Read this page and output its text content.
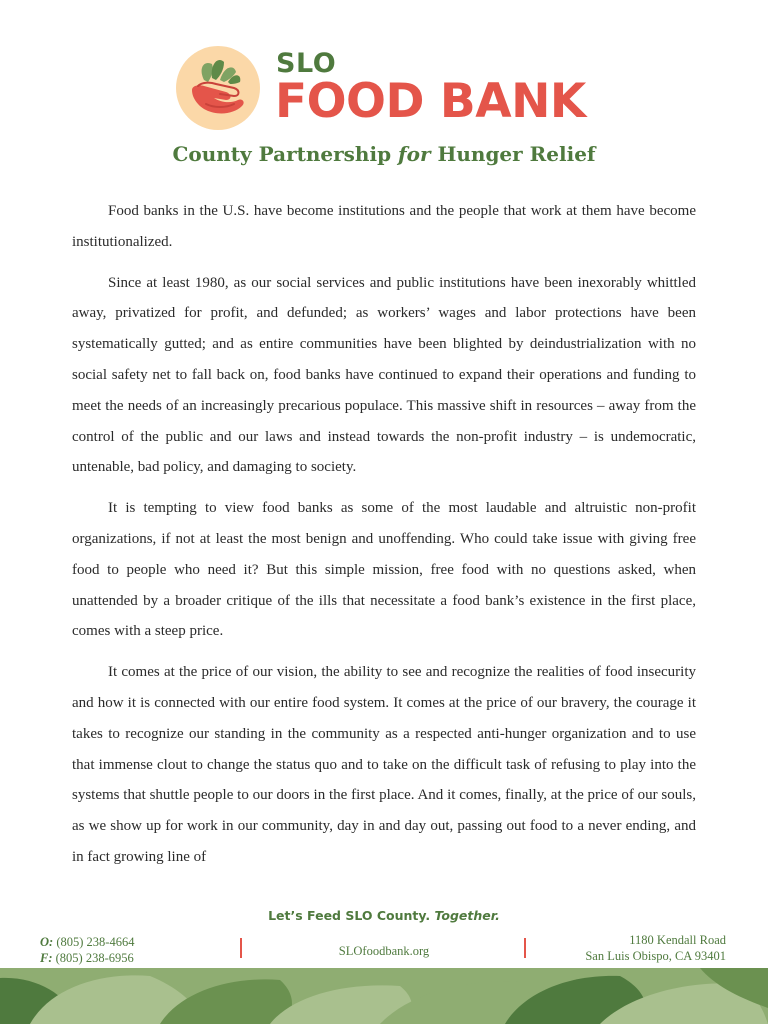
SLO
FOOD BANK
County Partnership for Hunger Relief

Food banks in the U.S. have become institutions and the people that work at them have become institutionalized.

Since at least 1980, as our social services and public institutions have been inexorably whittled away, privatized for profit, and defunded; as workers’ wages and labor protections have been systematically gutted; and as entire communities have been blighted by deindustrialization with no social safety net to fall back on, food banks have continued to expand their operations and funding to meet the needs of an increasingly precarious populace. This massive shift in resources – away from the control of the public and our laws and instead towards the non-profit industry – is undemocratic, untenable, bad policy, and damaging to society.

It is tempting to view food banks as some of the most laudable and altruistic non-profit organizations, if not at least the most benign and unoffending. Who could take issue with giving free food to people who need it? But this simple mission, free food with no questions asked, when unattended by a broader critique of the ills that necessitate a food bank’s existence in the first place, comes with a steep price.

It comes at the price of our vision, the ability to see and recognize the realities of food insecurity and how it is connected with our entire food system. It comes at the price of our bravery, the courage it takes to recognize our standing in the community as a respected anti-hunger organization and to use that immense clout to change the status quo and to take on the difficult task of refusing to play into the systems that shuttle people to our doors in the first place. And it comes, finally, at the price of our souls, as we show up for work in our community, day in and day out, passing out food to a never ending, and in fact growing line of

Let’s Feed SLO County. Together.
O: (805) 238-4664
F: (805) 238-6956	SLOfoodbank.org
1180 Kendall Road
San Luis Obispo, CA 93401
